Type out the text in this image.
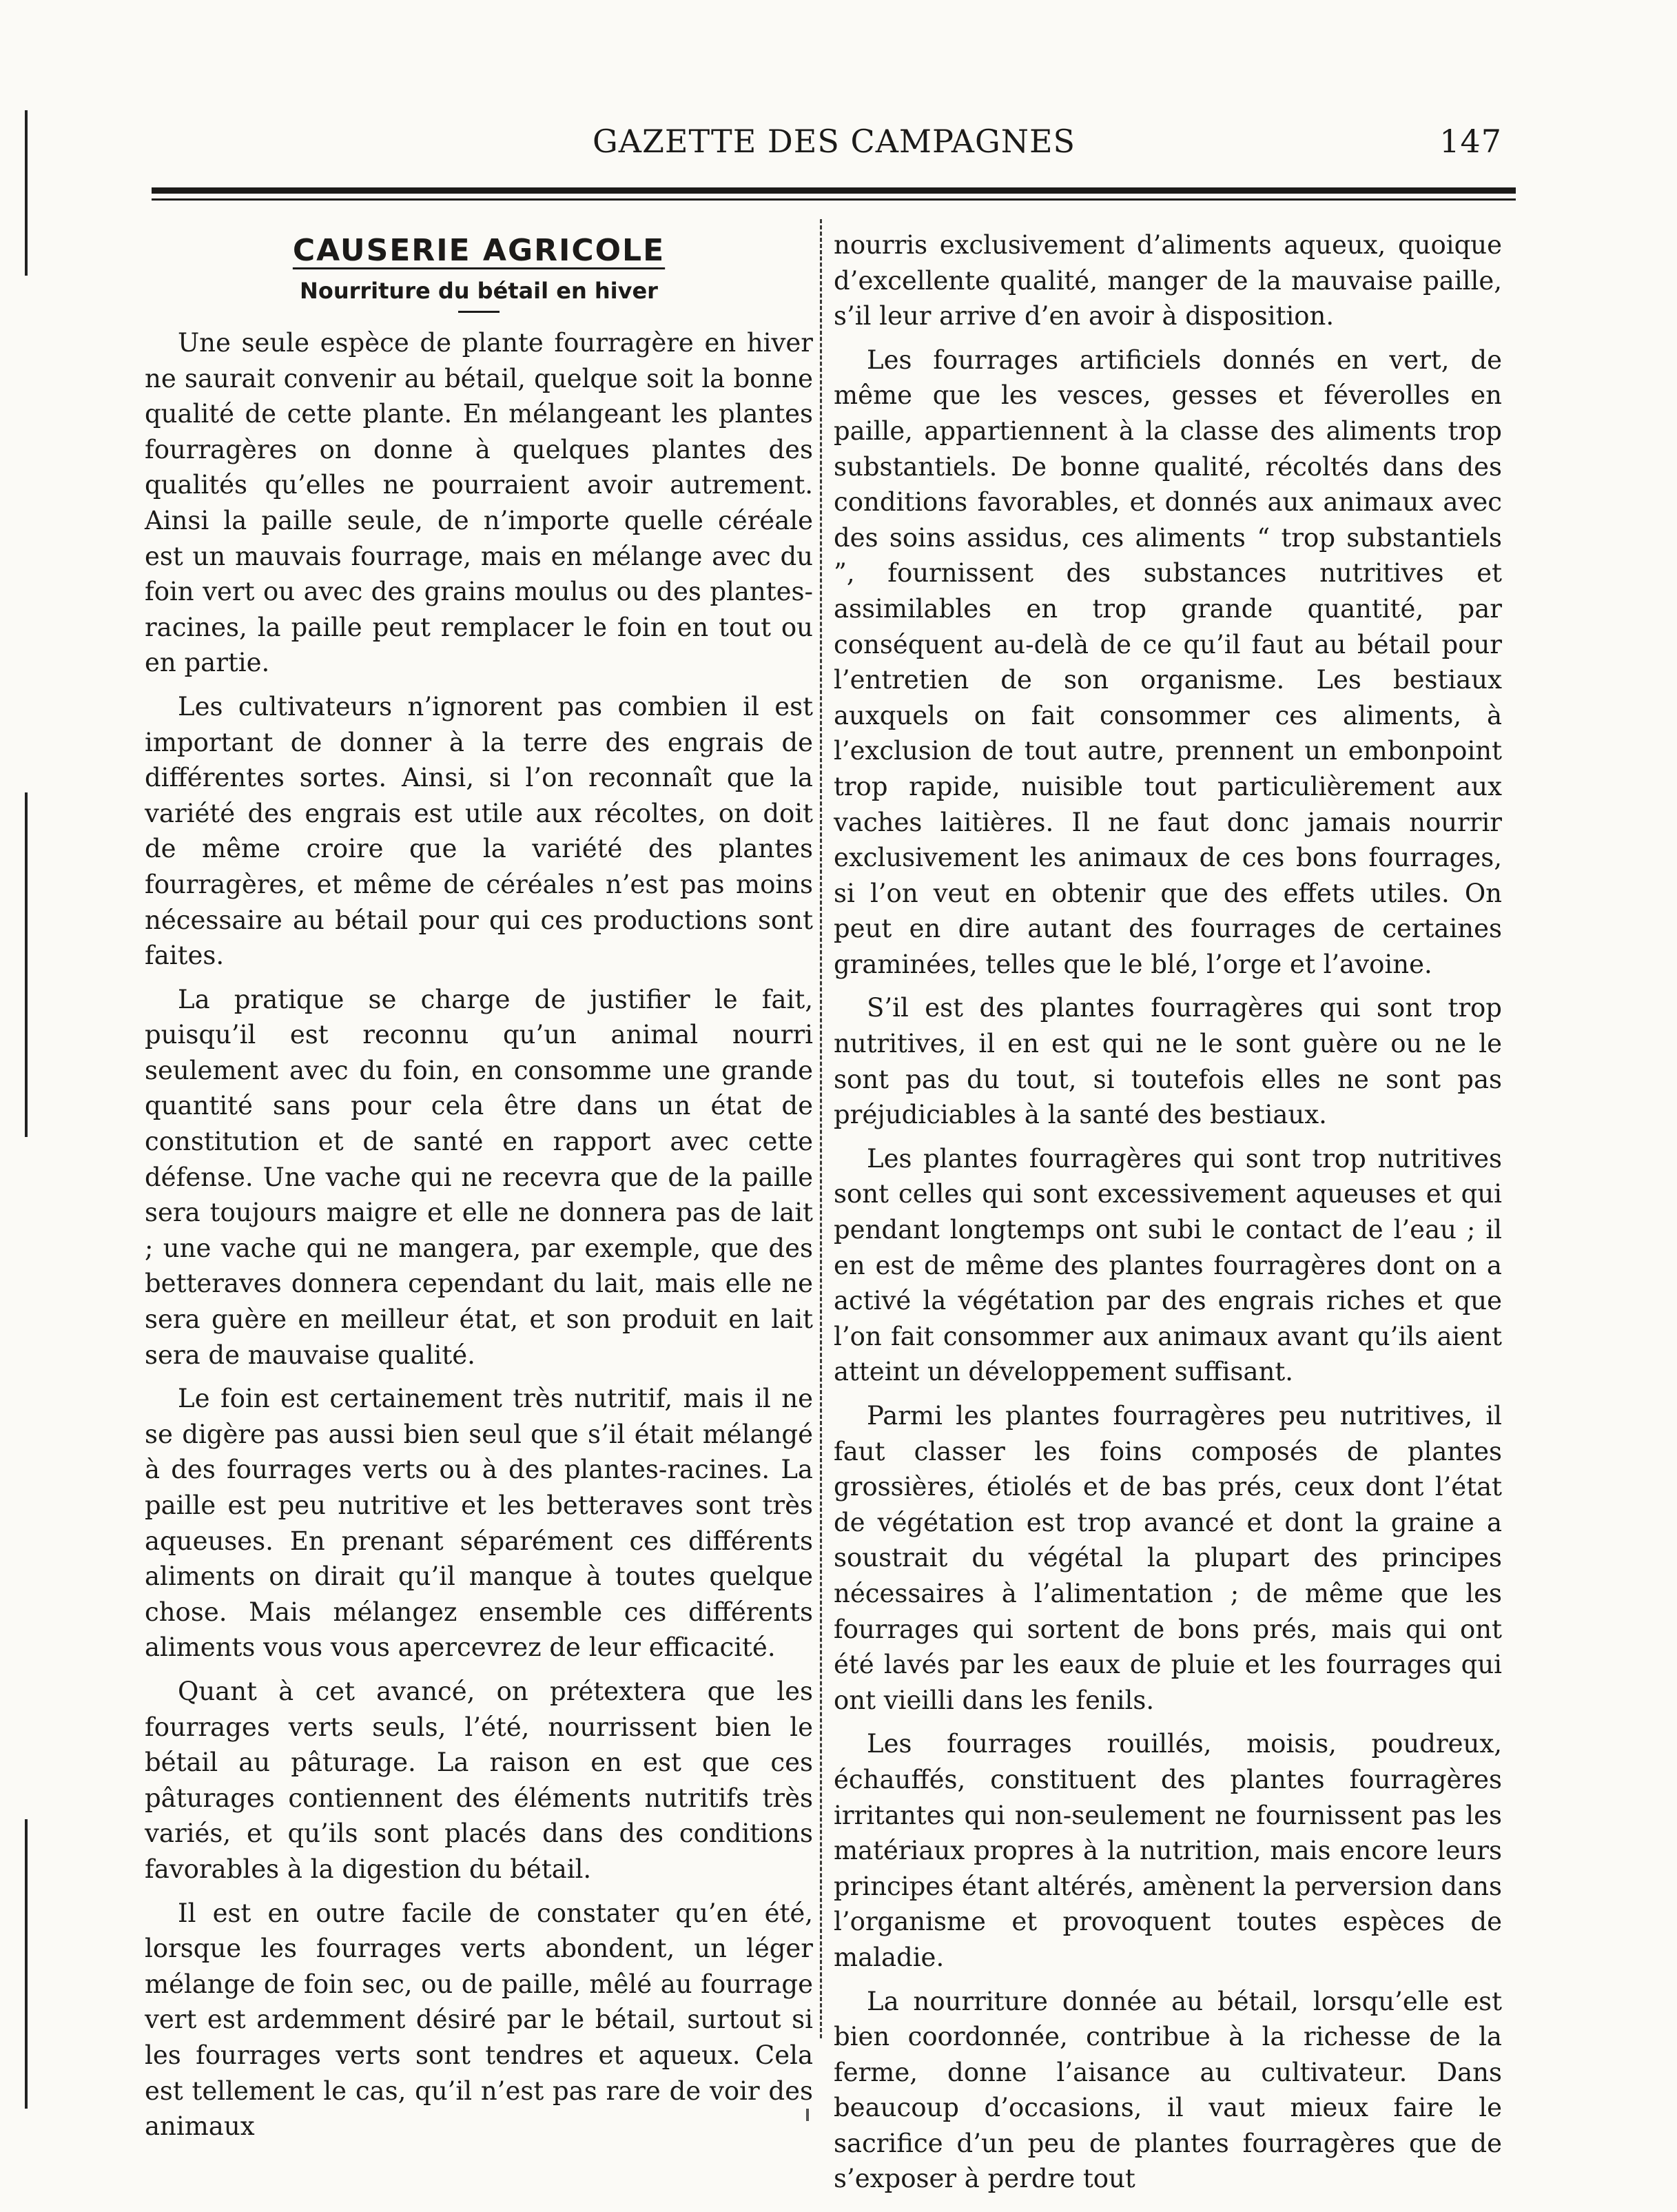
GAZETTE DES CAMPAGNES	147
CAUSERIE AGRICOLE
Nourriture du bétail en hiver

Une seule espèce de plante fourragère en hiver ne saurait convenir au bétail, quelque soit la bonne qualité de cette plante. En mélangeant les plantes fourragères on donne à quelques plantes des qualités qu’elles ne pourraient avoir autrement. Ainsi la paille seule, de n’importe quelle céréale est un mauvais fourrage, mais en mélange avec du foin vert ou avec des grains moulus ou des plantes-racines, la paille peut remplacer le foin en tout ou en partie.

Les cultivateurs n’ignorent pas combien il est important de donner à la terre des engrais de différentes sortes. Ainsi, si l’on reconnaît que la variété des engrais est utile aux récoltes, on doit de même croire que la variété des plantes fourragères, et même de céréales n’est pas moins nécessaire au bétail pour qui ces productions sont faites.

La pratique se charge de justifier le fait, puisqu’il est reconnu qu’un animal nourri seulement avec du foin, en consomme une grande quantité sans pour cela être dans un état de constitution et de santé en rapport avec cette défense. Une vache qui ne recevra que de la paille sera toujours maigre et elle ne donnera pas de lait ; une vache qui ne mangera, par exemple, que des betteraves donnera cependant du lait, mais elle ne sera guère en meilleur état, et son produit en lait sera de mauvaise qualité.

Le foin est certainement très nutritif, mais il ne se digère pas aussi bien seul que s’il était mélangé à des fourrages verts ou à des plantes-racines. La paille est peu nutritive et les betteraves sont très aqueuses. En prenant séparément ces différents aliments on dirait qu’il manque à toutes quelque chose. Mais mélangez ensemble ces différents aliments vous vous apercevrez de leur efficacité.

Quant à cet avancé, on prétextera que les fourrages verts seuls, l’été, nourrissent bien le bétail au pâturage. La raison en est que ces pâturages contiennent des éléments nutritifs très variés, et qu’ils sont placés dans des conditions favorables à la digestion du bétail.

Il est en outre facile de constater qu’en été, lorsque les fourrages verts abondent, un léger mélange de foin sec, ou de paille, mêlé au fourrage vert est ardemment désiré par le bétail, surtout si les fourrages verts sont tendres et aqueux. Cela est tellement le cas, qu’il n’est pas rare de voir des animaux

nourris exclusivement d’aliments aqueux, quoique d’excellente qualité, manger de la mauvaise paille, s’il leur arrive d’en avoir à disposition.

Les fourrages artificiels donnés en vert, de même que les vesces, gesses et féverolles en paille, appartiennent à la classe des aliments trop substantiels. De bonne qualité, récoltés dans des conditions favorables, et donnés aux animaux avec des soins assidus, ces aliments “ trop substantiels ”, fournissent des substances nutritives et assimilables en trop grande quantité, par conséquent au-delà de ce qu’il faut au bétail pour l’entretien de son organisme. Les bestiaux auxquels on fait consommer ces aliments, à l’exclusion de tout autre, prennent un embonpoint trop rapide, nuisible tout particulièrement aux vaches laitières. Il ne faut donc jamais nourrir exclusivement les animaux de ces bons fourrages, si l’on veut en obtenir que des effets utiles. On peut en dire autant des fourrages de certaines graminées, telles que le blé, l’orge et l’avoine.

S’il est des plantes fourragères qui sont trop nutritives, il en est qui ne le sont guère ou ne le sont pas du tout, si toutefois elles ne sont pas préjudiciables à la santé des bestiaux.

Les plantes fourragères qui sont trop nutritives sont celles qui sont excessivement aqueuses et qui pendant longtemps ont subi le contact de l’eau ; il en est de même des plantes fourragères dont on a activé la végétation par des engrais riches et que l’on fait consommer aux animaux avant qu’ils aient atteint un développement suffisant.

Parmi les plantes fourragères peu nutritives, il faut classer les foins composés de plantes grossières, étiolés et de bas prés, ceux dont l’état de végétation est trop avancé et dont la graine a soustrait du végétal la plupart des principes nécessaires à l’alimentation ; de même que les fourrages qui sortent de bons prés, mais qui ont été lavés par les eaux de pluie et les fourrages qui ont vieilli dans les fenils.

Les fourrages rouillés, moisis, poudreux, échauffés, constituent des plantes fourragères irritantes qui non-seulement ne fournissent pas les matériaux propres à la nutrition, mais encore leurs principes étant altérés, amènent la perversion dans l’organisme et provoquent toutes espèces de maladie.

La nourriture donnée au bétail, lorsqu’elle est bien coordonnée, contribue à la richesse de la ferme, donne l’aisance au cultivateur. Dans beaucoup d’occasions, il vaut mieux faire le sacrifice d’un peu de plantes fourragères que de s’exposer à perdre tout
